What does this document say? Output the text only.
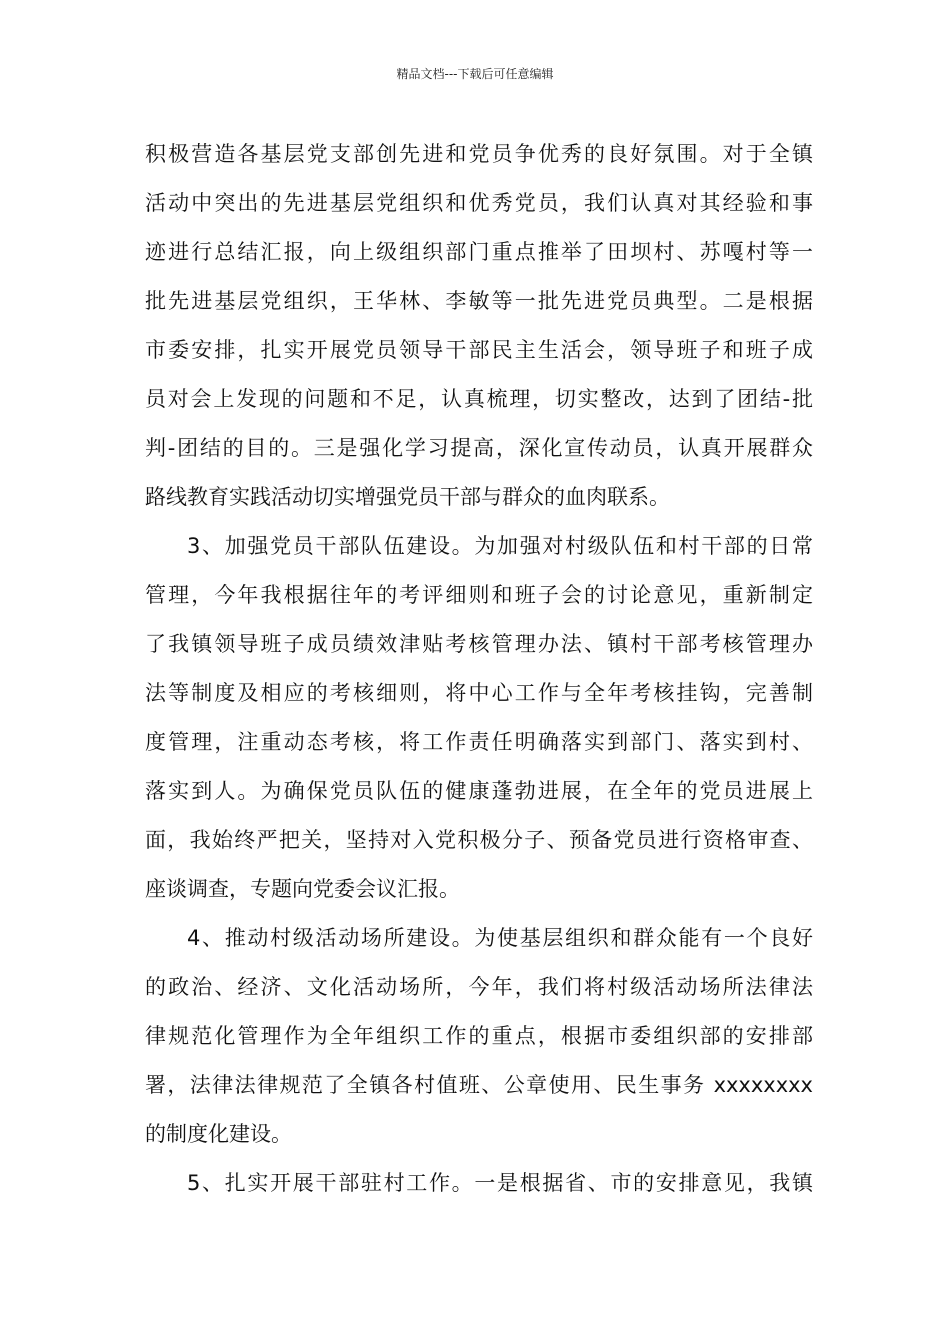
精品文档---下载后可任意编辑
积极营造各基层党支部创先进和党员争优秀的良好氛围。对于全镇
活动中突出的先进基层党组织和优秀党员，我们认真对其经验和事
迹进行总结汇报，向上级组织部门重点推举了田坝村、苏嘎村等一
批先进基层党组织，王华林、李敏等一批先进党员典型。二是根据
市委安排，扎实开展党员领导干部民主生活会，领导班子和班子成
员对会上发现的问题和不足，认真梳理，切实整改，达到了团结-批
判-团结的目的。三是强化学习提高，深化宣传动员，认真开展群众
路线教育实践活动切实增强党员干部与群众的血肉联系。
3、加强党员干部队伍建设。为加强对村级队伍和村干部的日常
管理，今年我根据往年的考评细则和班子会的讨论意见，重新制定
了我镇领导班子成员绩效津贴考核管理办法、镇村干部考核管理办
法等制度及相应的考核细则，将中心工作与全年考核挂钩，完善制
度管理，注重动态考核，将工作责任明确落实到部门、落实到村、
落实到人。为确保党员队伍的健康蓬勃进展，在全年的党员进展上
面，我始终严把关，坚持对入党积极分子、预备党员进行资格审查、
座谈调查，专题向党委会议汇报。
4、推动村级活动场所建设。为使基层组织和群众能有一个良好
的政治、经济、文化活动场所，今年，我们将村级活动场所法律法
律规范化管理作为全年组织工作的重点，根据市委组织部的安排部
署，法律法律规范了全镇各村值班、公章使用、民生事务 xxxxxxxx
的制度化建设。
5、扎实开展干部驻村工作。一是根据省、市的安排意见，我镇
